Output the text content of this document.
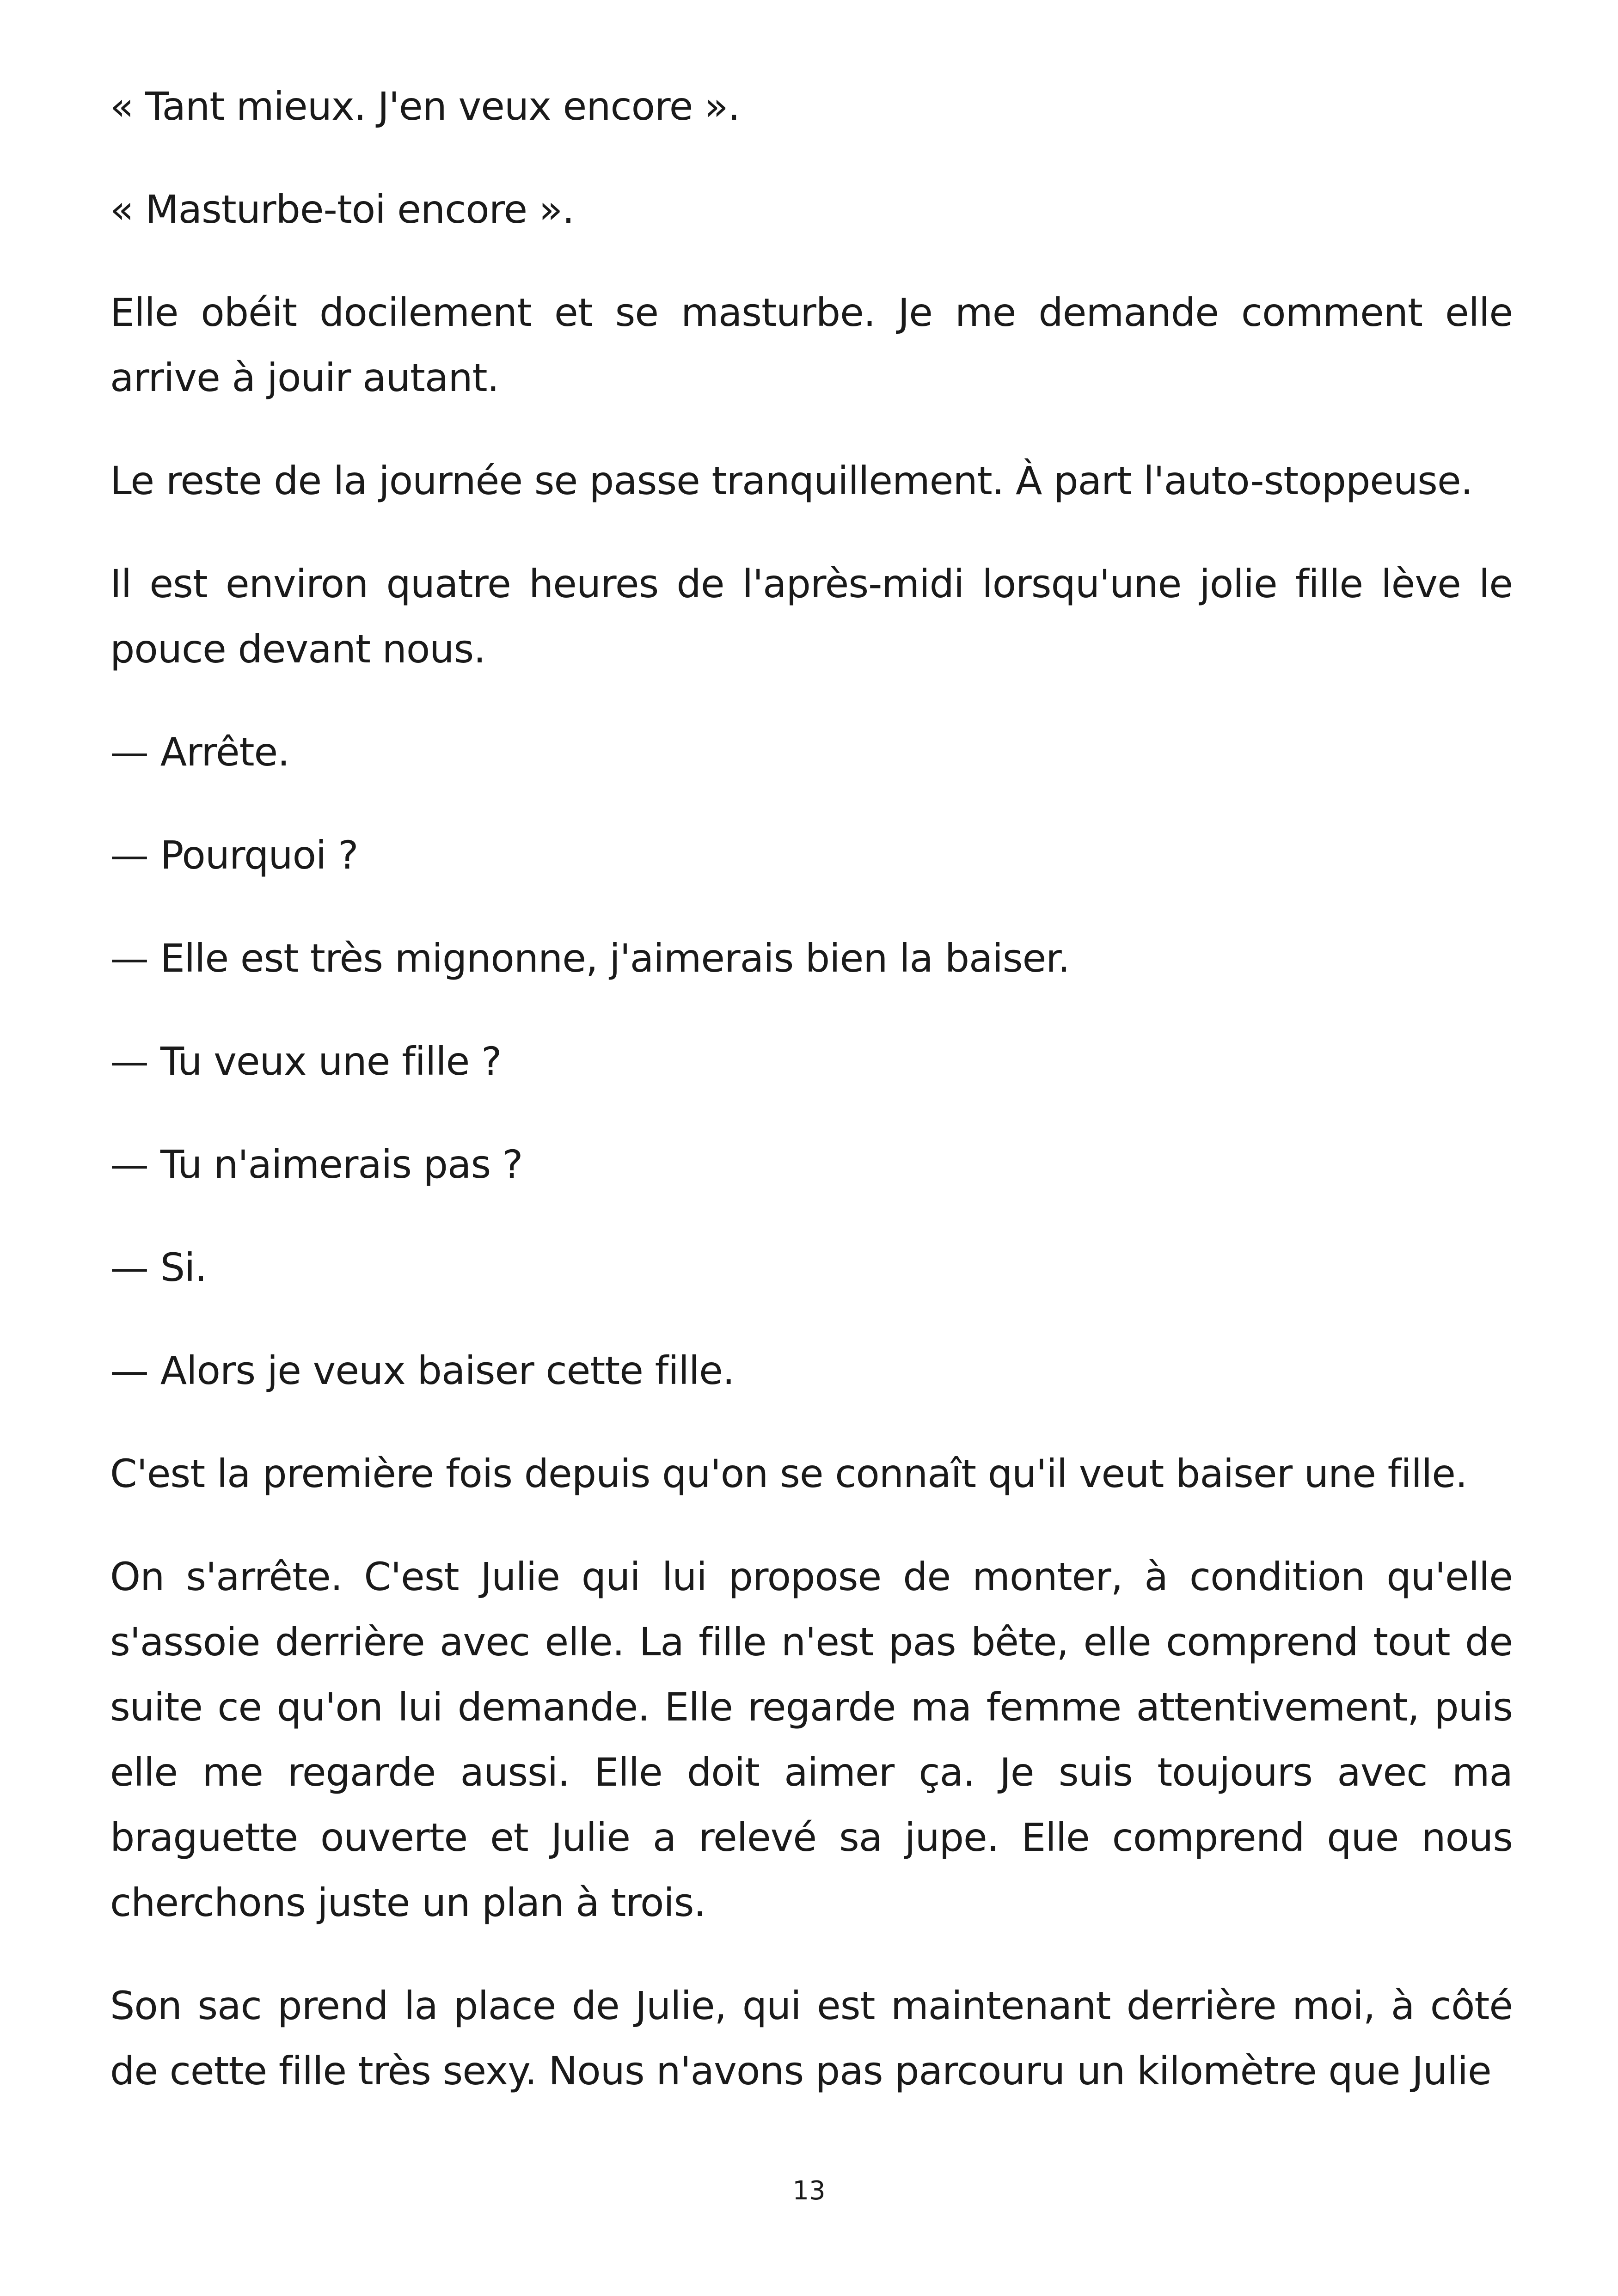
« Tant mieux. J'en veux encore ».

« Masturbe-toi encore ».

Elle obéit docilement et se masturbe. Je me demande comment elle arrive à jouir autant.

Le reste de la journée se passe tranquillement. À part l'auto-stoppeuse.

Il est environ quatre heures de l'après-midi lorsqu'une jolie fille lève le pouce devant nous.

— Arrête.

— Pourquoi ?

— Elle est très mignonne, j'aimerais bien la baiser.

— Tu veux une fille ?

— Tu n'aimerais pas ?

— Si.

— Alors je veux baiser cette fille.

C'est la première fois depuis qu'on se connaît qu'il veut baiser une fille.

On s'arrête. C'est Julie qui lui propose de monter, à condition qu'elle s'assoie derrière avec elle. La fille n'est pas bête, elle comprend tout de suite ce qu'on lui demande. Elle regarde ma femme attentivement, puis elle me regarde aussi. Elle doit aimer ça. Je suis toujours avec ma braguette ouverte et Julie a relevé sa jupe. Elle comprend que nous cherchons juste un plan à trois.

Son sac prend la place de Julie, qui est maintenant derrière moi, à côté de cette fille très sexy. Nous n'avons pas parcouru un kilomètre que Julie

13
